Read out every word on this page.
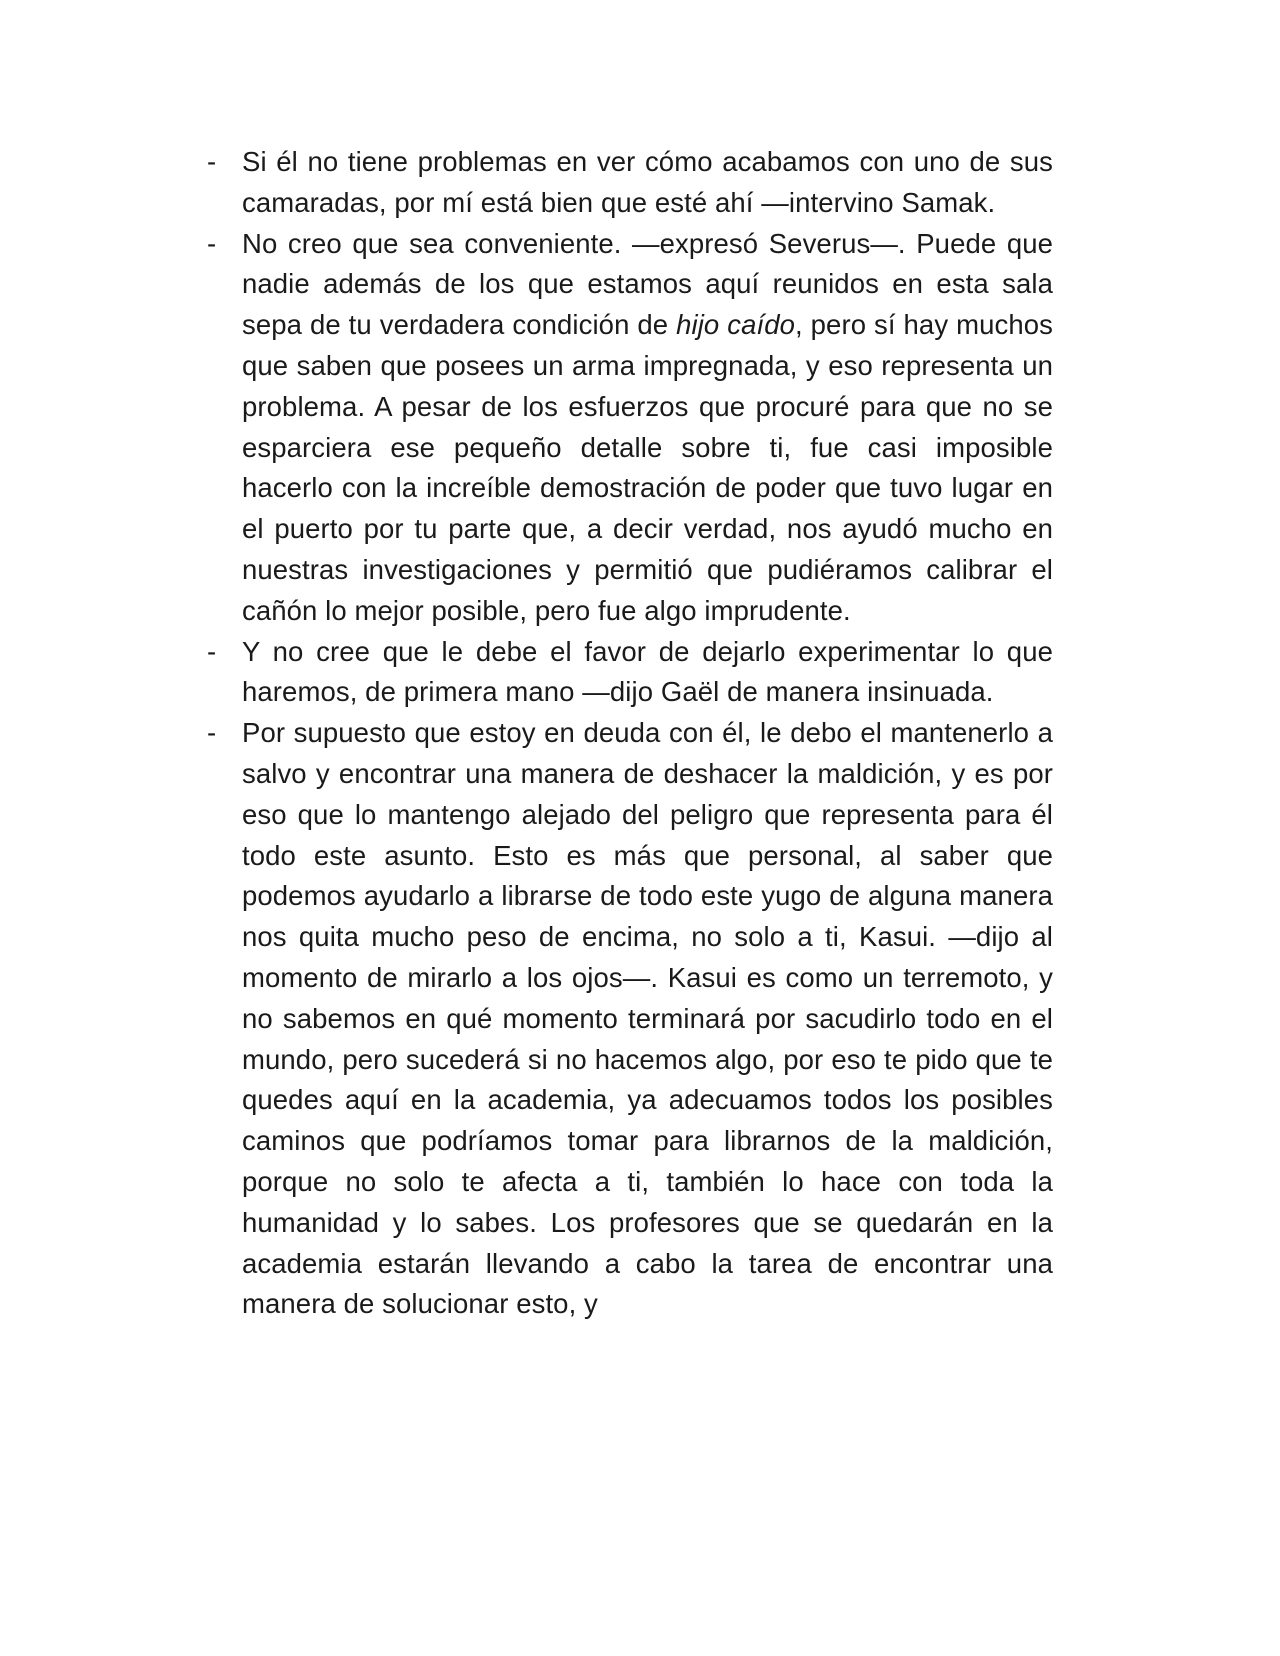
- Si él no tiene problemas en ver cómo acabamos con uno de sus camaradas, por mí está bien que esté ahí —intervino Samak.
- No creo que sea conveniente. —expresó Severus—. Puede que nadie además de los que estamos aquí reunidos en esta sala sepa de tu verdadera condición de hijo caído, pero sí hay muchos que saben que posees un arma impregnada, y eso representa un problema. A pesar de los esfuerzos que procuré para que no se esparciera ese pequeño detalle sobre ti, fue casi imposible hacerlo con la increíble demostración de poder que tuvo lugar en el puerto por tu parte que, a decir verdad, nos ayudó mucho en nuestras investigaciones y permitió que pudiéramos calibrar el cañón lo mejor posible, pero fue algo imprudente.
- Y no cree que le debe el favor de dejarlo experimentar lo que haremos, de primera mano —dijo Gaël de manera insinuada.
- Por supuesto que estoy en deuda con él, le debo el mantenerlo a salvo y encontrar una manera de deshacer la maldición, y es por eso que lo mantengo alejado del peligro que representa para él todo este asunto. Esto es más que personal, al saber que podemos ayudarlo a librarse de todo este yugo de alguna manera nos quita mucho peso de encima, no solo a ti, Kasui. —dijo al momento de mirarlo a los ojos—. Kasui es como un terremoto, y no sabemos en qué momento terminará por sacudirlo todo en el mundo, pero sucederá si no hacemos algo, por eso te pido que te quedes aquí en la academia, ya adecuamos todos los posibles caminos que podríamos tomar para librarnos de la maldición, porque no solo te afecta a ti, también lo hace con toda la humanidad y lo sabes. Los profesores que se quedarán en la academia estarán llevando a cabo la tarea de encontrar una manera de solucionar esto, y
